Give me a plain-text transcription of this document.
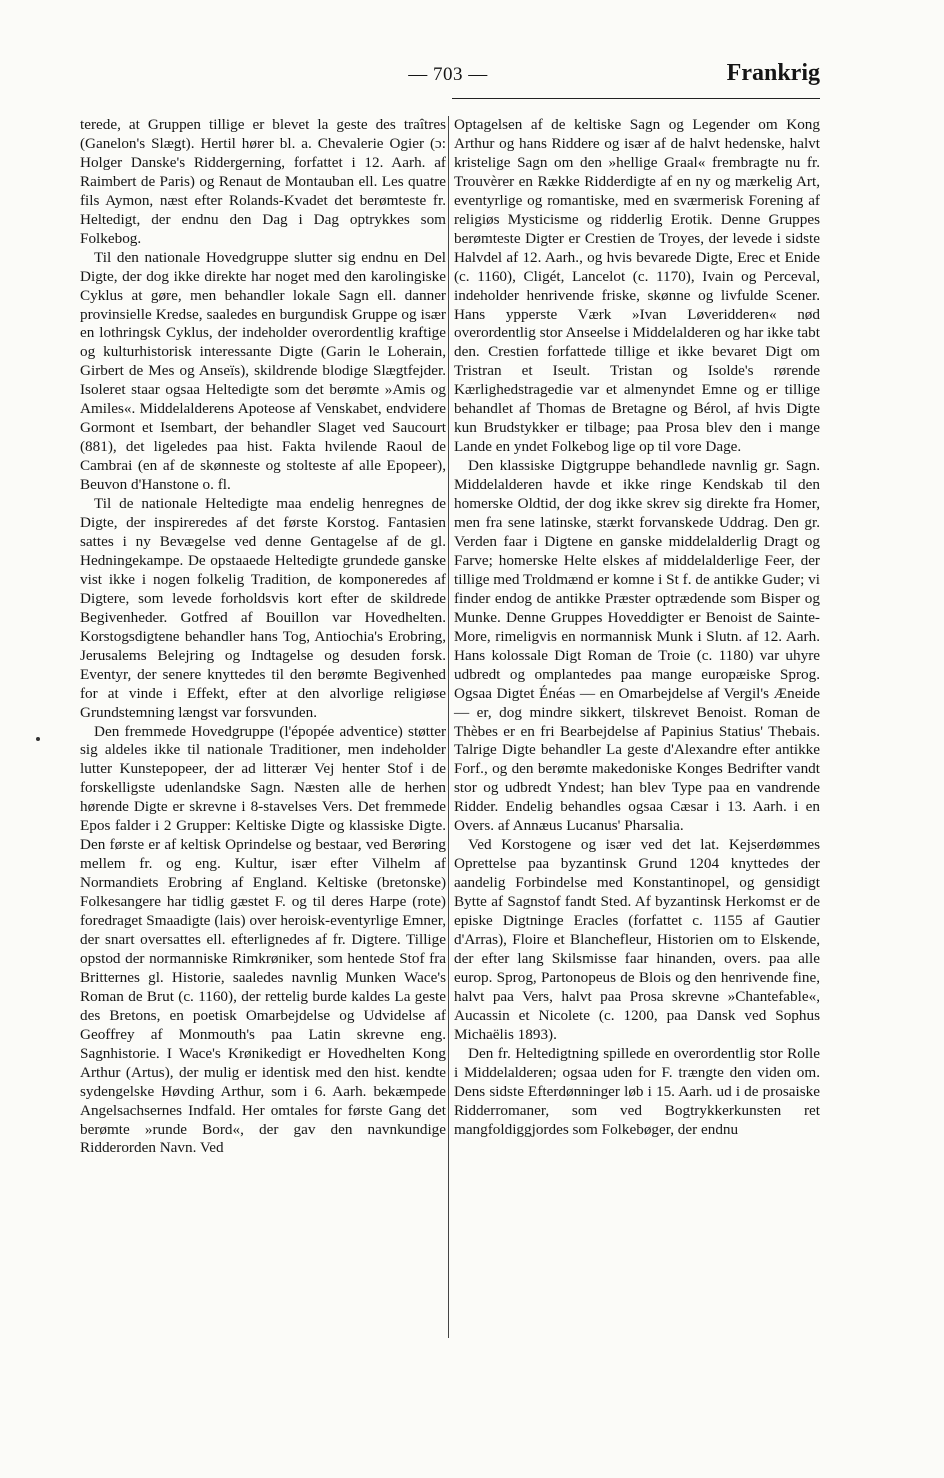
— 703 —	Frankrig

terede, at Gruppen tillige er blevet la geste des traîtres (Ganelon's Slægt). Hertil hører bl. a. Chevalerie Ogier (ɔ: Holger Danske's Riddergerning, forfattet i 12. Aarh. af Raimbert de Paris) og Renaut de Montauban ell. Les quatre fils Aymon, næst efter Rolands-Kvadet det berømteste fr. Heltedigt, der endnu den Dag i Dag optrykkes som Folkebog.

Til den nationale Hovedgruppe slutter sig endnu en Del Digte, der dog ikke direkte har noget med den karolingiske Cyklus at gøre, men behandler lokale Sagn ell. danner provinsielle Kredse, saaledes en burgundisk Gruppe og især en lothringsk Cyklus, der indeholder overordentlig kraftige og kulturhistorisk interessante Digte (Garin le Loherain, Girbert de Mes og Anseïs), skildrende blodige Slægtfejder. Isoleret staar ogsaa Heltedigte som det berømte »Amis og Amiles«. Middelalderens Apoteose af Venskabet, endvidere Gormont et Isembart, der behandler Slaget ved Saucourt (881), det ligeledes paa hist. Fakta hvilende Raoul de Cambrai (en af de skønneste og stolteste af alle Epopeer), Beuvon d'Hanstone o. fl.

Til de nationale Heltedigte maa endelig henregnes de Digte, der inspireredes af det første Korstog. Fantasien sattes i ny Bevægelse ved denne Gentagelse af de gl. Hedningekampe. De opstaaede Heltedigte grundede ganske vist ikke i nogen folkelig Tradition, de komponeredes af Digtere, som levede forholdsvis kort efter de skildrede Begivenheder. Gotfred af Bouillon var Hovedhelten. Korstogsdigtene behandler hans Tog, Antiochia's Erobring, Jerusalems Belejring og Indtagelse og desuden forsk. Eventyr, der senere knyttedes til den berømte Begivenhed for at vinde i Effekt, efter at den alvorlige religiøse Grundstemning længst var forsvunden.

Den fremmede Hovedgruppe (l'épopée adventice) støtter sig aldeles ikke til nationale Traditioner, men indeholder lutter Kunstepopeer, der ad litterær Vej henter Stof i de forskelligste udenlandske Sagn. Næsten alle de herhen hørende Digte er skrevne i 8-stavelses Vers. Det fremmede Epos falder i 2 Grupper: Keltiske Digte og klassiske Digte. Den første er af keltisk Oprindelse og bestaar, ved Berøring mellem fr. og eng. Kultur, især efter Vilhelm af Normandiets Erobring af England. Keltiske (bretonske) Folkesangere har tidlig gæstet F. og til deres Harpe (rote) foredraget Smaadigte (lais) over heroisk-eventyrlige Emner, der snart oversattes ell. efterlignedes af fr. Digtere. Tillige opstod der normanniske Rimkrøniker, som hentede Stof fra Britternes gl. Historie, saaledes navnlig Munken Wace's Roman de Brut (c. 1160), der rettelig burde kaldes La geste des Bretons, en poetisk Omarbejdelse og Udvidelse af Geoffrey af Monmouth's paa Latin skrevne eng. Sagnhistorie. I Wace's Krønikedigt er Hovedhelten Kong Arthur (Artus), der mulig er identisk med den hist. kendte sydengelske Høvding Arthur, som i 6. Aarh. bekæmpede Angelsachsernes Indfald. Her omtales for første Gang det berømte »runde Bord«, der gav den navnkundige Ridderorden Navn. Ved

Optagelsen af de keltiske Sagn og Legender om Kong Arthur og hans Riddere og især af de halvt hedenske, halvt kristelige Sagn om den »hellige Graal« frembragte nu fr. Trouvèrer en Række Ridderdigte af en ny og mærkelig Art, eventyrlige og romantiske, med en sværmerisk Forening af religiøs Mysticisme og ridderlig Erotik. Denne Gruppes berømteste Digter er Crestien de Troyes, der levede i sidste Halvdel af 12. Aarh., og hvis bevarede Digte, Erec et Enide (c. 1160), Cligét, Lancelot (c. 1170), Ivain og Perceval, indeholder henrivende friske, skønne og livfulde Scener. Hans ypperste Værk »Ivan Løveridderen« nød overordentlig stor Anseelse i Middelalderen og har ikke tabt den. Crestien forfattede tillige et ikke bevaret Digt om Tristran et Iseult. Tristan og Isolde's rørende Kærlighedstragedie var et almenyndet Emne og er tillige behandlet af Thomas de Bretagne og Bérol, af hvis Digte kun Brudstykker er tilbage; paa Prosa blev den i mange Lande en yndet Folkebog lige op til vore Dage.

Den klassiske Digtgruppe behandlede navnlig gr. Sagn. Middelalderen havde et ikke ringe Kendskab til den homerske Oldtid, der dog ikke skrev sig direkte fra Homer, men fra sene latinske, stærkt forvanskede Uddrag. Den gr. Verden faar i Digtene en ganske middelalderlig Dragt og Farve; homerske Helte elskes af middelalderlige Feer, der tillige med Troldmænd er komne i St f. de antikke Guder; vi finder endog de antikke Præster optrædende som Bisper og Munke. Denne Gruppes Hoveddigter er Benoist de Sainte-More, rimeligvis en normannisk Munk i Slutn. af 12. Aarh. Hans kolossale Digt Roman de Troie (c. 1180) var uhyre udbredt og omplantedes paa mange europæiske Sprog. Ogsaa Digtet Énéas — en Omarbejdelse af Vergil's Æneide — er, dog mindre sikkert, tilskrevet Benoist. Roman de Thèbes er en fri Bearbejdelse af Papinius Statius' Thebais. Talrige Digte behandler La geste d'Alexandre efter antikke Forf., og den berømte makedoniske Konges Bedrifter vandt stor og udbredt Yndest; han blev Type paa en vandrende Ridder. Endelig behandles ogsaa Cæsar i 13. Aarh. i en Overs. af Annæus Lucanus' Pharsalia.

Ved Korstogene og især ved det lat. Kejserdømmes Oprettelse paa byzantinsk Grund 1204 knyttedes der aandelig Forbindelse med Konstantinopel, og gensidigt Bytte af Sagnstof fandt Sted. Af byzantinsk Herkomst er de episke Digtninge Eracles (forfattet c. 1155 af Gautier d'Arras), Floire et Blanchefleur, Historien om to Elskende, der efter lang Skilsmisse faar hinanden, overs. paa alle europ. Sprog, Partonopeus de Blois og den henrivende fine, halvt paa Vers, halvt paa Prosa skrevne »Chantefable«, Aucassin et Nicolete (c. 1200, paa Dansk ved Sophus Michaëlis 1893).

Den fr. Heltedigtning spillede en overordentlig stor Rolle i Middelalderen; ogsaa uden for F. trængte den viden om. Dens sidste Efterdønninger løb i 15. Aarh. ud i de prosaiske Ridderromaner, som ved Bogtrykkerkunsten ret mangfoldiggjordes som Folkebøger, der endnu
